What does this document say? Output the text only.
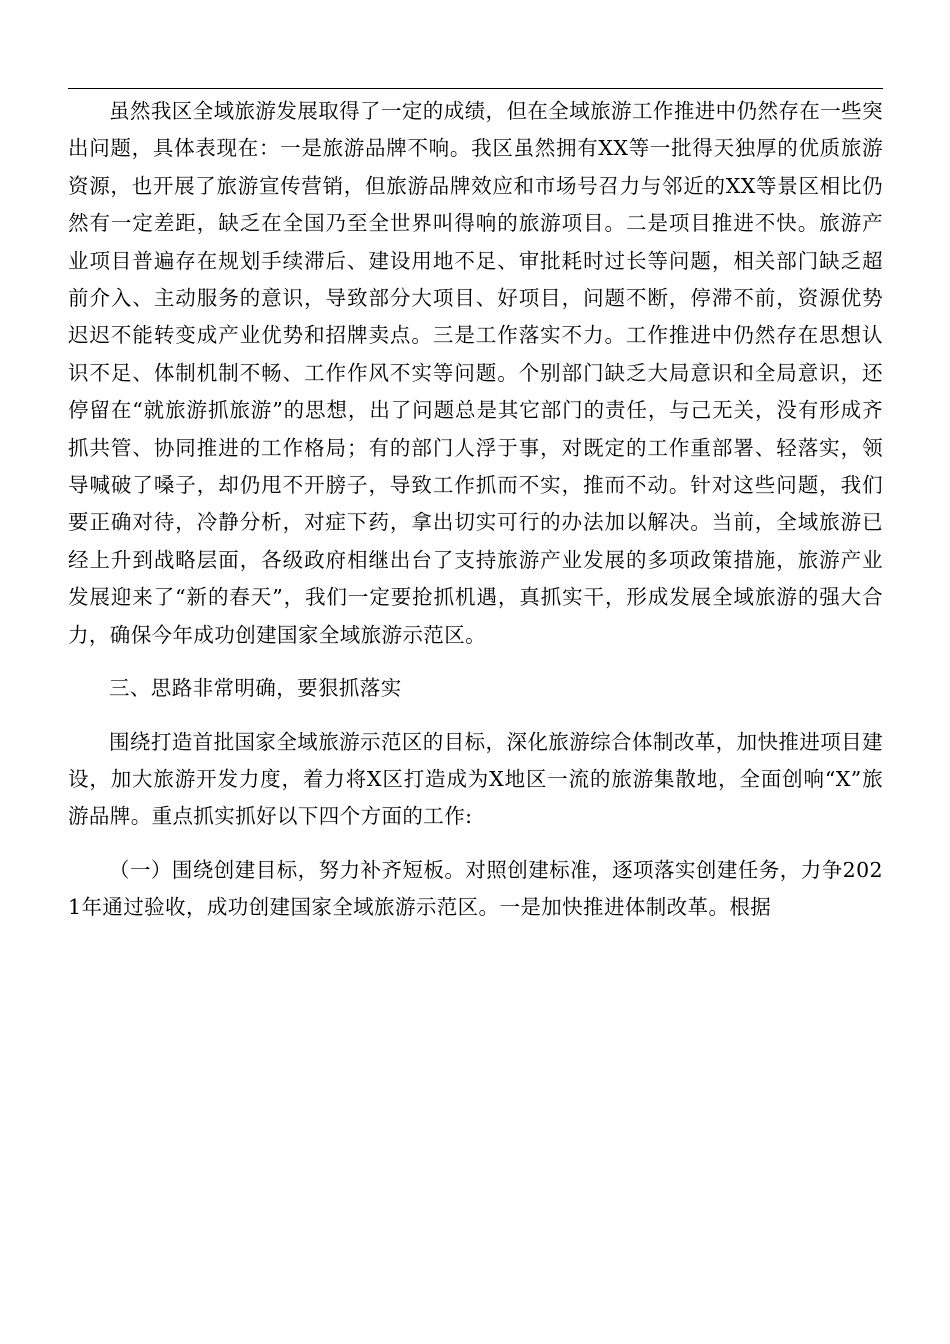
虽然我区全域旅游发展取得了一定的成绩，但在全域旅游工作推进中仍然存在一些突出问题，具体表现在：一是旅游品牌不响。我区虽然拥有XX等一批得天独厚的优质旅游资源，也开展了旅游宣传营销，但旅游品牌效应和市场号召力与邻近的XX等景区相比仍然有一定差距，缺乏在全国乃至全世界叫得响的旅游项目。二是项目推进不快。旅游产业项目普遍存在规划手续滞后、建设用地不足、审批耗时过长等问题，相关部门缺乏超前介入、主动服务的意识，导致部分大项目、好项目，问题不断，停滞不前，资源优势迟迟不能转变成产业优势和招牌卖点。三是工作落实不力。工作推进中仍然存在思想认识不足、体制机制不畅、工作作风不实等问题。个别部门缺乏大局意识和全局意识，还停留在“就旅游抓旅游”的思想，出了问题总是其它部门的责任，与己无关，没有形成齐抓共管、协同推进的工作格局；有的部门人浮于事，对既定的工作重部署、轻落实，领导喊破了嗓子，却仍甩不开膀子，导致工作抓而不实，推而不动。针对这些问题，我们要正确对待，冷静分析，对症下药，拿出切实可行的办法加以解决。当前，全域旅游已经上升到战略层面，各级政府相继出台了支持旅游产业发展的多项政策措施，旅游产业发展迎来了“新的春天”，我们一定要抢抓机遇，真抓实干，形成发展全域旅游的强大合力，确保今年成功创建国家全域旅游示范区。

三、思路非常明确，要狠抓落实

围绕打造首批国家全域旅游示范区的目标，深化旅游综合体制改革，加快推进项目建设，加大旅游开发力度，着力将X区打造成为X地区一流的旅游集散地，全面创响“X”旅游品牌。重点抓实抓好以下四个方面的工作:

（一）围绕创建目标，努力补齐短板。对照创建标准，逐项落实创建任务，力争2021年通过验收，成功创建国家全域旅游示范区。一是加快推进体制改革。根据
